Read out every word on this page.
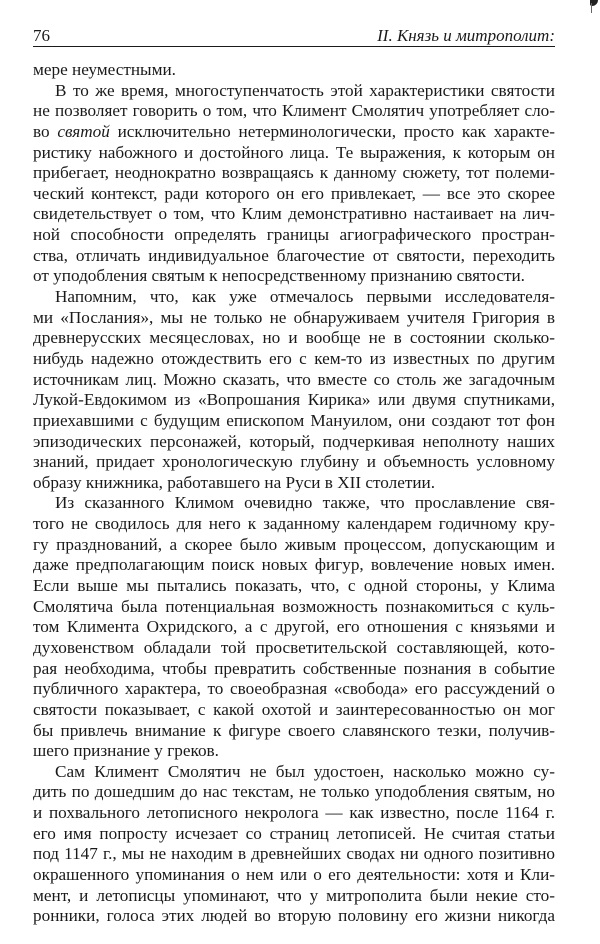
76	II. Князь и митрополит:
мере неуместными.
В то же время, многоступенчатость этой характеристики святости
не позволяет говорить о том, что Климент Смолятич употребляет сло-
во святой исключительно нетерминологически, просто как характе-
ристику набожного и достойного лица. Те выражения, к которым он
прибегает, неоднократно возвращаясь к данному сюжету, тот полеми-
ческий контекст, ради которого он его привлекает, — все это скорее
свидетельствует о том, что Клим демонстративно настаивает на лич-
ной способности определять границы агиографического простран-
ства, отличать индивидуальное благочестие от святости, переходить
от уподобления святым к непосредственному признанию святости.
Напомним, что, как уже отмечалось первыми исследователя-
ми «Послания», мы не только не обнаруживаем учителя Григория в
древнерусских месяцесловах, но и вообще не в состоянии сколько-
нибудь надежно отождествить его с кем-то из известных по другим
источникам лиц. Можно сказать, что вместе со столь же загадочным
Лукой-Евдокимом из «Вопрошания Кирика» или двумя спутниками,
приехавшими с будущим епископом Мануилом, они создают тот фон
эпизодических персонажей, который, подчеркивая неполноту наших
знаний, придает хронологическую глубину и объемность условному
образу книжника, работавшего на Руси в XII столетии.
Из сказанного Климом очевидно также, что прославление свя-
того не сводилось для него к заданному календарем годичному кру-
гу празднований, а скорее было живым процессом, допускающим и
даже предполагающим поиск новых фигур, вовлечение новых имен.
Если выше мы пытались показать, что, с одной стороны, у Клима
Смолятича была потенциальная возможность познакомиться с куль-
том Климента Охридского, а с другой, его отношения с князьями и
духовенством обладали той просветительской составляющей, кото-
рая необходима, чтобы превратить собственные познания в событие
публичного характера, то своеобразная «свобода» его рассуждений о
святости показывает, с какой охотой и заинтересованностью он мог
бы привлечь внимание к фигуре своего славянского тезки, получив-
шего признание у греков.
Сам Климент Смолятич не был удостоен, насколько можно су-
дить по дошедшим до нас текстам, не только уподобления святым, но
и похвального летописного некролога — как известно, после 1164 г.
его имя попросту исчезает со страниц летописей. Не считая статьи
под 1147 г., мы не находим в древнейших сводах ни одного позитивно
окрашенного упоминания о нем или о его деятельности: хотя и Кли-
мент, и летописцы упоминают, что у митрополита были некие сто-
ронники, голоса этих людей во вторую половину его жизни никогда
